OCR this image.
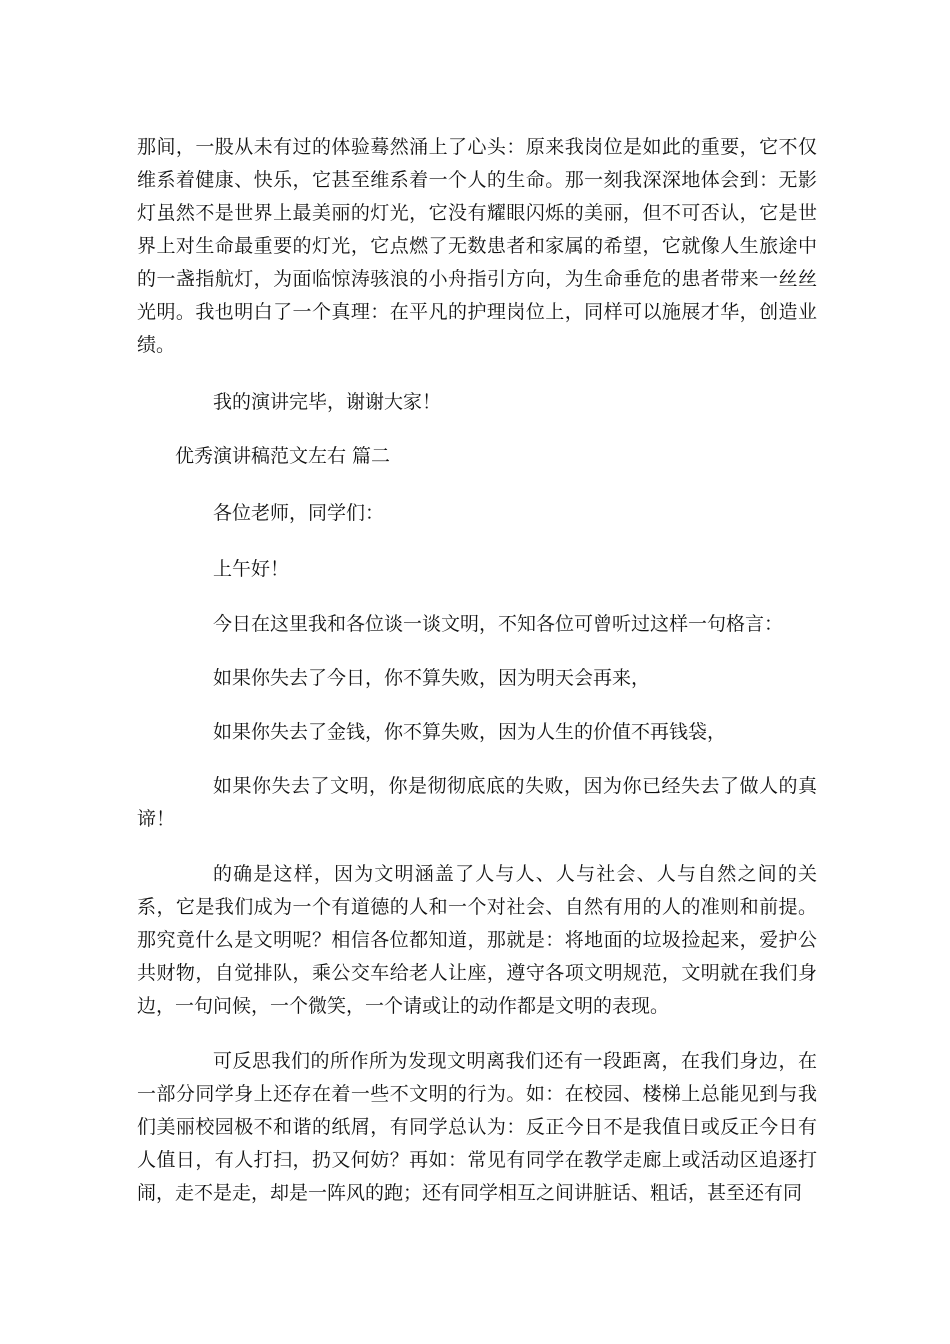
那间，一股从未有过的体验蓦然涌上了心头：原来我岗位是如此的重要，它不仅维系着健康、快乐，它甚至维系着一个人的生命。那一刻我深深地体会到：无影灯虽然不是世界上最美丽的灯光，它没有耀眼闪烁的美丽，但不可否认，它是世界上对生命最重要的灯光，它点燃了无数患者和家属的希望，它就像人生旅途中的一盏指航灯，为面临惊涛骇浪的小舟指引方向，为生命垂危的患者带来一丝丝光明。我也明白了一个真理：在平凡的护理岗位上，同样可以施展才华，创造业绩。

我的演讲完毕，谢谢大家！

优秀演讲稿范文左右 篇二

各位老师，同学们：

上午好！

今日在这里我和各位谈一谈文明，不知各位可曾听过这样一句格言：

如果你失去了今日，你不算失败，因为明天会再来，

如果你失去了金钱，你不算失败，因为人生的价值不再钱袋，

如果你失去了文明，你是彻彻底底的失败，因为你已经失去了做人的真谛！

的确是这样，因为文明涵盖了人与人、人与社会、人与自然之间的关系，它是我们成为一个有道德的人和一个对社会、自然有用的人的准则和前提。那究竟什么是文明呢？相信各位都知道，那就是：将地面的垃圾捡起来，爱护公共财物，自觉排队，乘公交车给老人让座，遵守各项文明规范，文明就在我们身边，一句问候，一个微笑，一个请或让的动作都是文明的表现。

可反思我们的所作所为发现文明离我们还有一段距离，在我们身边，在一部分同学身上还存在着一些不文明的行为。如：在校园、楼梯上总能见到与我们美丽校园极不和谐的纸屑，有同学总认为：反正今日不是我值日或反正今日有人值日，有人打扫，扔又何妨？再如：常见有同学在教学走廊上或活动区追逐打闹，走不是走，却是一阵风的跑；还有同学相互之间讲脏话、粗话，甚至还有同
